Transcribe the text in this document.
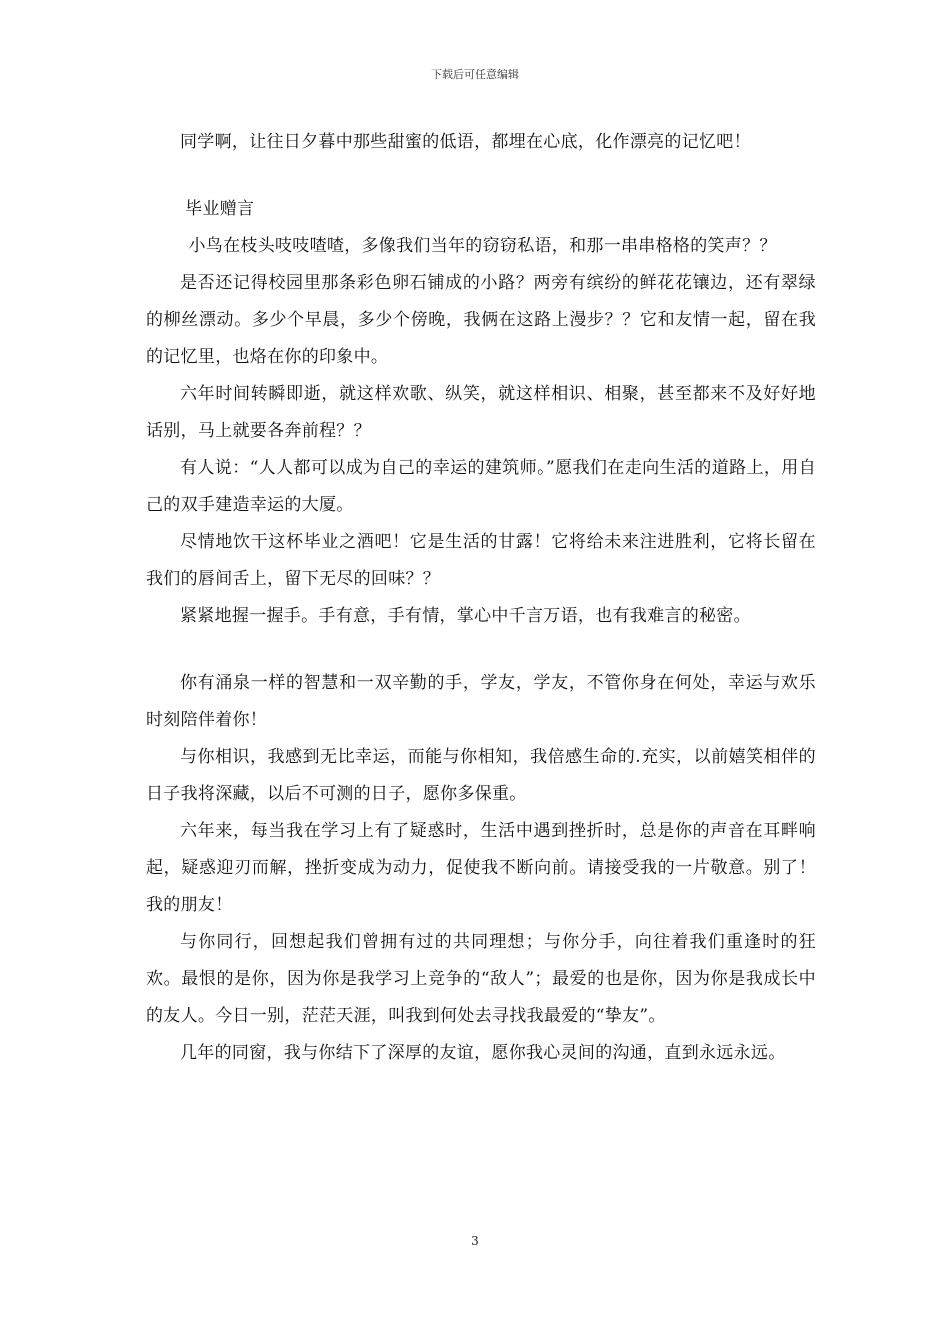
下载后可任意编辑

同学啊，让往日夕暮中那些甜蜜的低语，都埋在心底，化作漂亮的记忆吧！

毕业赠言

小鸟在枝头吱吱喳喳，多像我们当年的窃窃私语，和那一串串格格的笑声？？

是否还记得校园里那条彩色卵石铺成的小路？两旁有缤纷的鲜花花镶边，还有翠绿的柳丝漂动。多少个早晨，多少个傍晚，我俩在这路上漫步？？它和友情一起，留在我的记忆里，也烙在你的印象中。

六年时间转瞬即逝，就这样欢歌、纵笑，就这样相识、相聚，甚至都来不及好好地话别，马上就要各奔前程？？

有人说：“人人都可以成为自己的幸运的建筑师。”愿我们在走向生活的道路上，用自己的双手建造幸运的大厦。

尽情地饮干这杯毕业之酒吧！它是生活的甘露！它将给未来注进胜利，它将长留在我们的唇间舌上，留下无尽的回味？？

紧紧地握一握手。手有意，手有情，掌心中千言万语，也有我难言的秘密。

你有涌泉一样的智慧和一双辛勤的手，学友，学友，不管你身在何处，幸运与欢乐时刻陪伴着你！

与你相识，我感到无比幸运，而能与你相知，我倍感生命的.充实，以前嬉笑相伴的日子我将深藏，以后不可测的日子，愿你多保重。

六年来，每当我在学习上有了疑惑时，生活中遇到挫折时，总是你的声音在耳畔响起，疑惑迎刃而解，挫折变成为动力，促使我不断向前。请接受我的一片敬意。别了！我的朋友！

与你同行，回想起我们曾拥有过的共同理想；与你分手，向往着我们重逢时的狂欢。最恨的是你，因为你是我学习上竞争的“敌人”；最爱的也是你，因为你是我成长中的友人。今日一别，茫茫天涯，叫我到何处去寻找我最爱的“挚友”。

几年的同窗，我与你结下了深厚的友谊，愿你我心灵间的沟通，直到永远永远。

3
